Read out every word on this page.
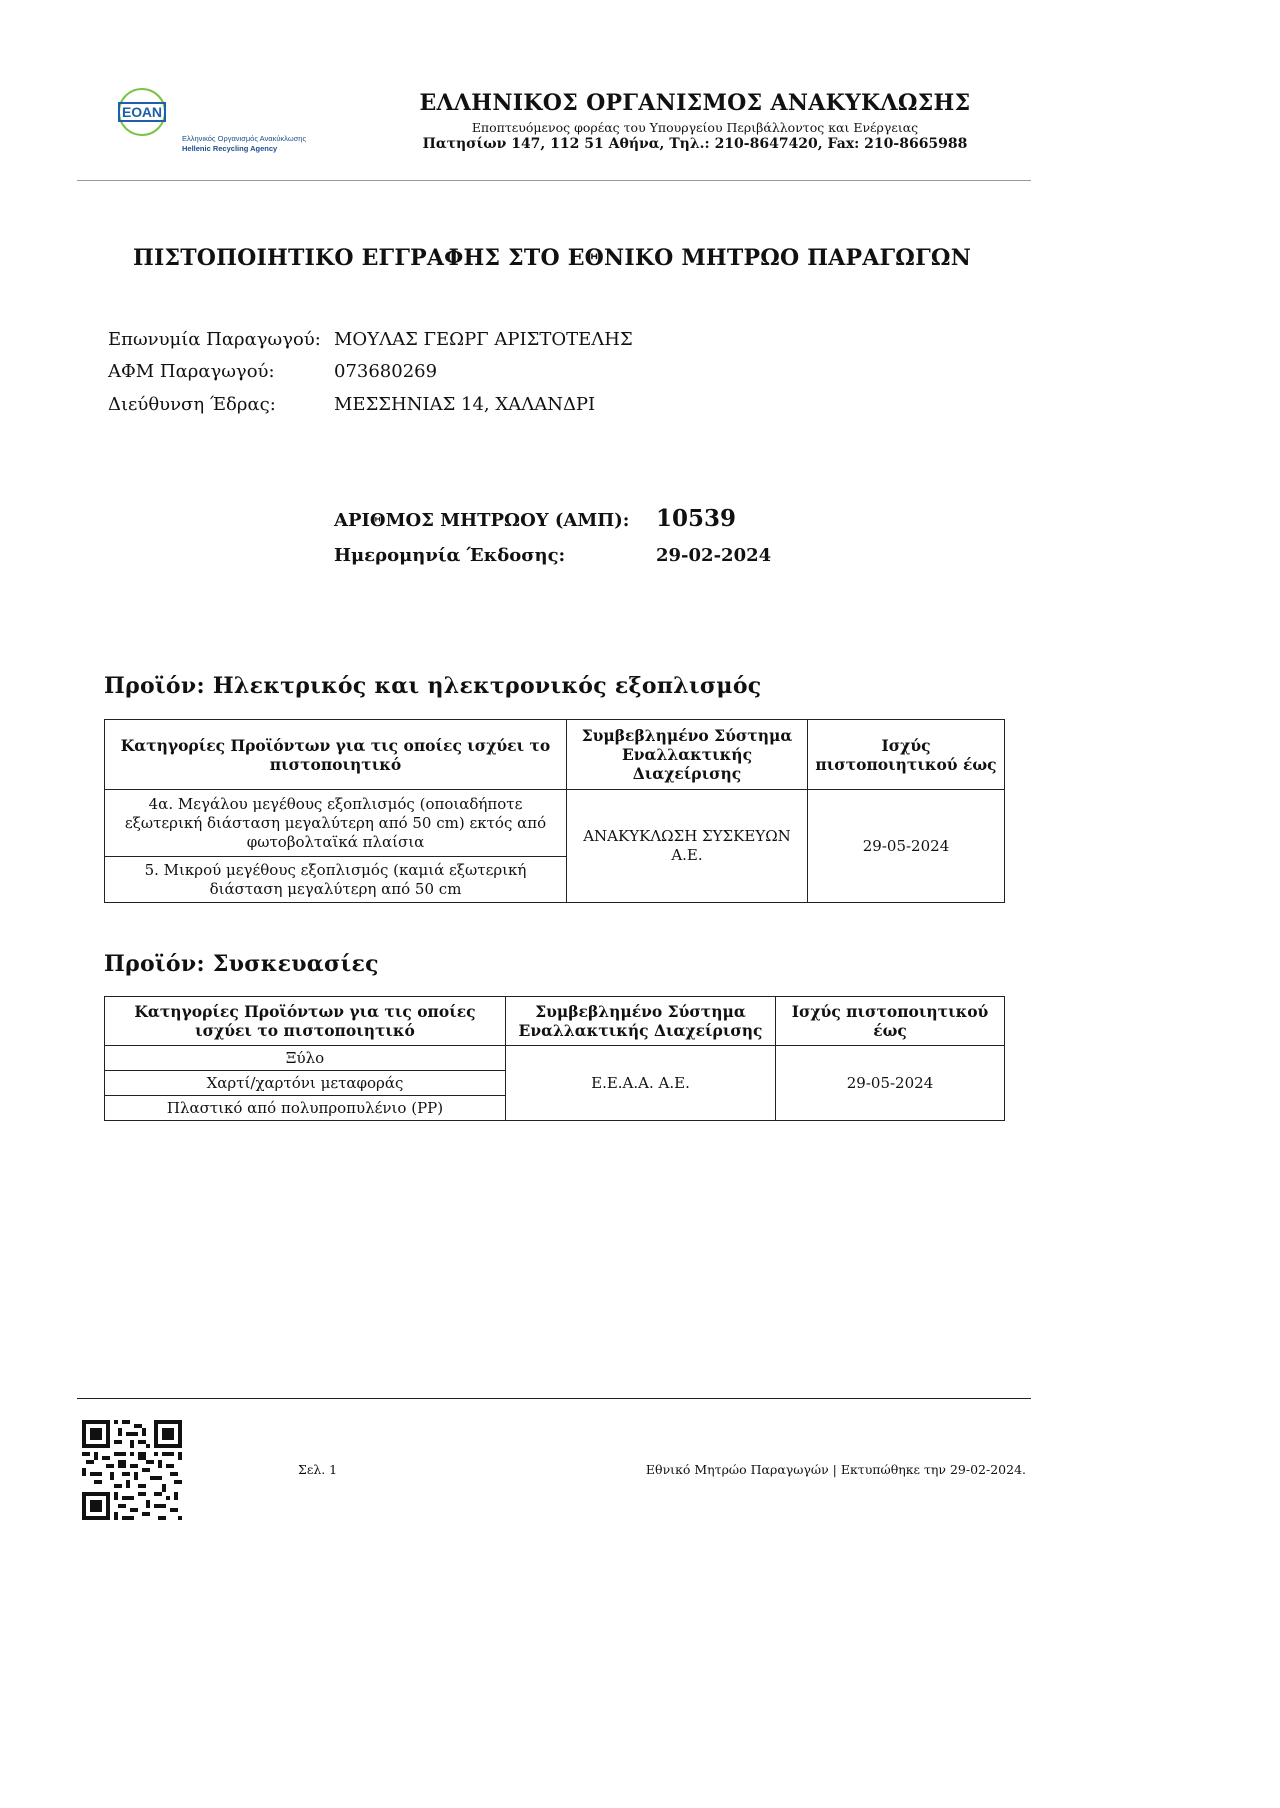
ΕΟΑΝ
Ελληνικός Οργανισμός Ανακύκλωσης
Hellenic Recycling Agency
ΕΛΛΗΝΙΚΟΣ ΟΡΓΑΝΙΣΜΟΣ ΑΝΑΚΥΚΛΩΣΗΣ
Εποπτευόμενος φορέας του Υπουργείου Περιβάλλοντος και Ενέργειας
Πατησίων 147, 112 51 Αθήνα, Τηλ.: 210-8647420, Fax: 210-8665988
ΠΙΣΤΟΠΟΙΗΤΙΚΟ ΕΓΓΡΑΦΗΣ ΣΤΟ ΕΘΝΙΚΟ ΜΗΤΡΩΟ ΠΑΡΑΓΩΓΩΝ
Επωνυμία Παραγωγού: ΜΟΥΛΑΣ ΓΕΩΡΓ ΑΡΙΣΤΟΤΕΛΗΣ
ΑΦΜ Παραγωγού:	073680269
Διεύθυνση Έδρας:	ΜΕΣΣΗΝΙΑΣ 14, ΧΑΛΑΝΔΡΙ
ΑΡΙΘΜΟΣ ΜΗΤΡΩΟΥ (ΑΜΠ): 10539
Ημερομηνία Έκδοσης:	29-02-2024
Προϊόν: Ηλεκτρικός και ηλεκτρονικός εξοπλισμός
Κατηγορίες Προϊόντων για τις οποίες ισχύει το πιστοποιητικό	Συμβεβλημένο Σύστημα Εναλλακτικής Διαχείρισης	Ισχύς πιστοποιητικού έως
4α. Μεγάλου μεγέθους εξοπλισμός (οποιαδήποτε εξωτερική διάσταση μεγαλύτερη από 50 cm) εκτός από φωτοβολταϊκά πλαίσια	ΑΝΑΚΥΚΛΩΣΗ ΣΥΣΚΕΥΩΝ Α.Ε.	29-05-2024
5. Μικρού μεγέθους εξοπλισμός (καμιά εξωτερική διάσταση μεγαλύτερη από 50 cm		
Προϊόν: Συσκευασίες
Κατηγορίες Προϊόντων για τις οποίες ισχύει το πιστοποιητικό	Συμβεβλημένο Σύστημα Εναλλακτικής Διαχείρισης	Ισχύς πιστοποιητικού έως
Ξύλο	Ε.Ε.Α.Α. Α.Ε.	29-05-2024
Χαρτί/χαρτόνι μεταφοράς		
Πλαστικό από πολυπροπυλένιο (PP)		
Σελ. 1	Εθνικό Μητρώο Παραγωγών | Εκτυπώθηκε την 29-02-2024.
